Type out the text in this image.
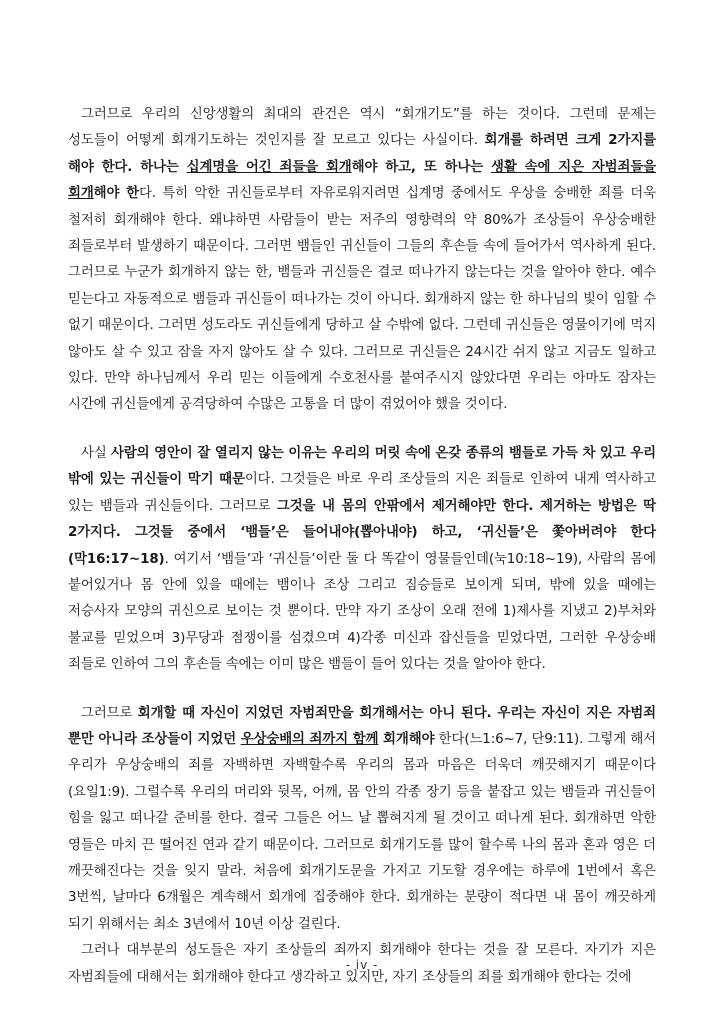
그러므로 우리의 신앙생활의 최대의 관건은 역시 “회개기도”를 하는 것이다. 그런데 문제는 성도들이 어떻게 회개기도하는 것인지를 잘 모르고 있다는 사실이다. 회개를 하려면 크게 2가지를 해야 한다. 하나는 십계명을 어긴 죄들을 회개해야 하고, 또 하나는 생활 속에 지은 자범죄들을 회개해야 한다. 특히 악한 귀신들로부터 자유로워지려면 십계명 중에서도 우상을 숭배한 죄를 더욱 철저히 회개해야 한다. 왜냐하면 사람들이 받는 저주의 영향력의 약 80%가 조상들이 우상숭배한 죄들로부터 발생하기 때문이다. 그러면 뱀들인 귀신들이 그들의 후손들 속에 들어가서 역사하게 된다. 그러므로 누군가 회개하지 않는 한, 뱀들과 귀신들은 결코 떠나가지 않는다는 것을 알아야 한다. 예수 믿는다고 자동적으로 뱀들과 귀신들이 떠나가는 것이 아니다. 회개하지 않는 한 하나님의 빛이 임할 수 없기 때문이다. 그러면 성도라도 귀신들에게 당하고 살 수밖에 없다. 그런데 귀신들은 영물이기에 먹지 않아도 살 수 있고 잠을 자지 않아도 살 수 있다. 그러므로 귀신들은 24시간 쉬지 않고 지금도 일하고 있다. 만약 하나님께서 우리 믿는 이들에게 수호천사를 붙여주시지 않았다면 우리는 아마도 잠자는 시간에 귀신들에게 공격당하여 수많은 고통을 더 많이 겪었어야 했을 것이다.

사실 사람의 영안이 잘 열리지 않는 이유는 우리의 머릿 속에 온갖 종류의 뱀들로 가득 차 있고 우리 밖에 있는 귀신들이 막기 때문이다. 그것들은 바로 우리 조상들의 지은 죄들로 인하여 내게 역사하고 있는 뱀들과 귀신들이다. 그러므로 그것을 내 몸의 안팎에서 제거해야만 한다. 제거하는 방법은 딱 2가지다. 그것들 중에서 ‘뱀들’은 들어내야(뽑아내야) 하고, ‘귀신들’은 쫓아버려야 한다(막16:17~18). 여기서 ‘뱀들’과 ‘귀신들’이란 둘 다 똑같이 영물들인데(눅10:18~19), 사람의 몸에 붙어있거나 몸 안에 있을 때에는 뱀이나 조상 그리고 짐승들로 보이게 되며, 밖에 있을 때에는 저승사자 모양의 귀신으로 보이는 것 뿐이다. 만약 자기 조상이 오래 전에 1)제사를 지냈고 2)부처와 불교를 믿었으며 3)무당과 점쟁이를 섬겼으며 4)각종 미신과 잡신들을 믿었다면, 그러한 우상숭배 죄들로 인하여 그의 후손들 속에는 이미 많은 뱀들이 들어 있다는 것을 알아야 한다.

그러므로 회개할 때 자신이 지었던 자범죄만을 회개해서는 아니 된다. 우리는 자신이 지은 자범죄 뿐만 아니라 조상들이 지었던 우상숭배의 죄까지 함께 회개해야 한다(느1:6~7, 단9:11). 그렇게 해서 우리가 우상숭배의 죄를 자백하면 자백할수록 우리의 몸과 마음은 더욱더 깨끗해지기 때문이다(요일1:9). 그럴수록 우리의 머리와 뒷목, 어깨, 몸 안의 각종 장기 등을 붙잡고 있는 뱀들과 귀신들이 힘을 잃고 떠나갈 준비를 한다. 결국 그들은 어느 날 뽑혀지게 될 것이고 떠나게 된다. 회개하면 악한 영들은 마치 끈 떨어진 연과 같기 때문이다. 그러므로 회개기도를 많이 할수록 나의 몸과 혼과 영은 더 깨끗해진다는 것을 잊지 말라. 처음에 회개기도문을 가지고 기도할 경우에는 하루에 1번에서 혹은 3번씩, 날마다 6개월은 계속해서 회개에 집중해야 한다. 회개하는 분량이 적다면 내 몸이 깨끗하게 되기 위해서는 최소 3년에서 10년 이상 걸린다.

그러나 대부분의 성도들은 자기 조상들의 죄까지 회개해야 한다는 것을 잘 모른다. 자기가 지은 자범죄들에 대해서는 회개해야 한다고 생각하고 있지만, 자기 조상들의 죄를 회개해야 한다는 것에

- iv -
